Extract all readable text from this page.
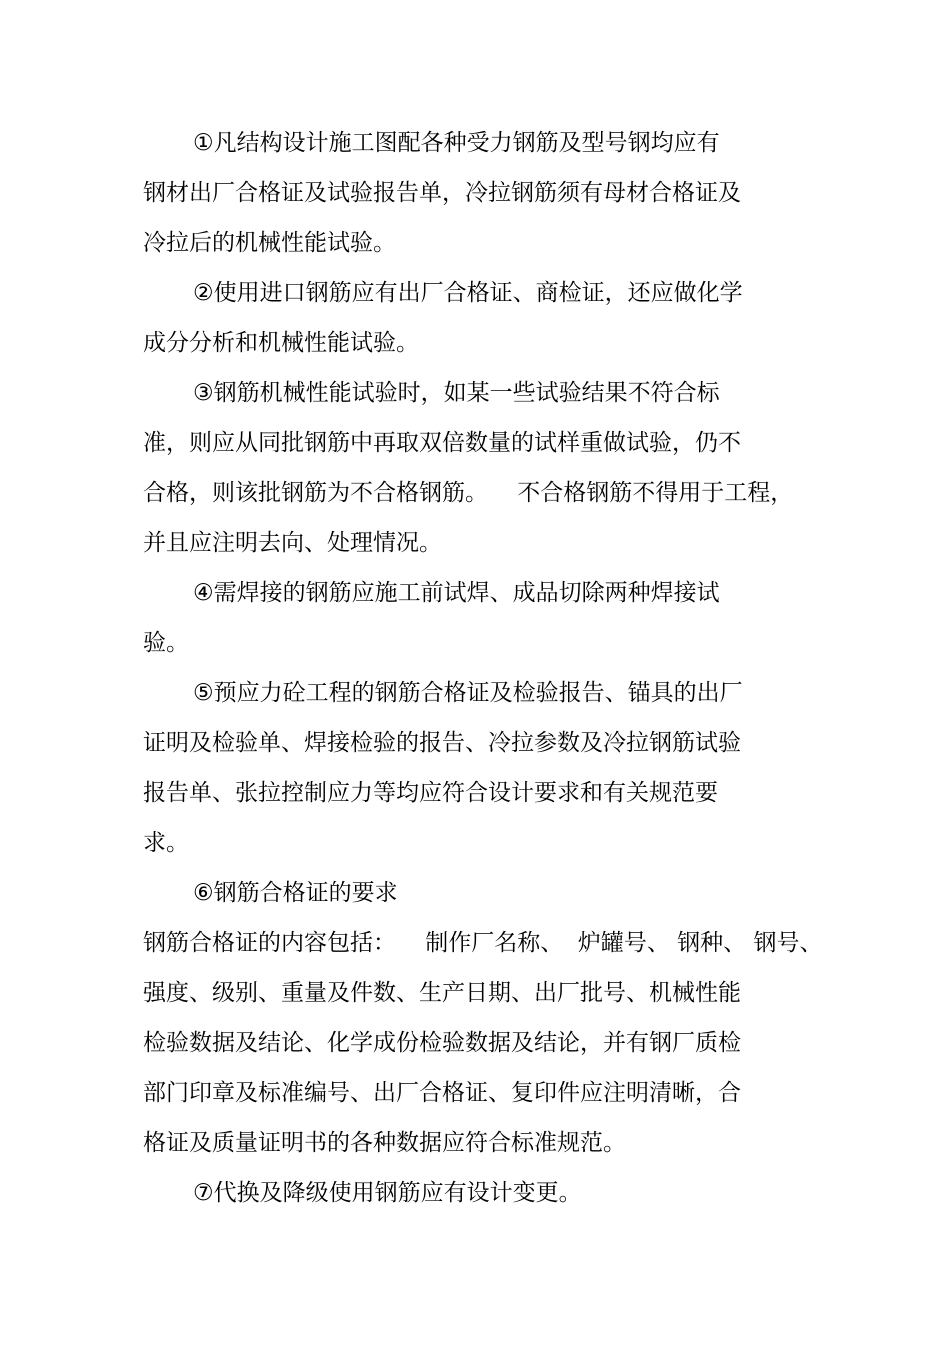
①凡结构设计施工图配各种受力钢筋及型号钢均应有
钢材出厂合格证及试验报告单，冷拉钢筋须有母材合格证及
冷拉后的机械性能试验。
②使用进口钢筋应有出厂合格证、商检证，还应做化学
成分分析和机械性能试验。
③钢筋机械性能试验时，如某一些试验结果不符合标
准，则应从同批钢筋中再取双倍数量的试样重做试验，仍不
合格，则该批钢筋为不合格钢筋。    不合格钢筋不得用于工程，
并且应注明去向、处理情况。
④需焊接的钢筋应施工前试焊、成品切除两种焊接试
验。
⑤预应力砼工程的钢筋合格证及检验报告、锚具的出厂
证明及检验单、焊接检验的报告、冷拉参数及冷拉钢筋试验
报告单、张拉控制应力等均应符合设计要求和有关规范要
求。
⑥钢筋合格证的要求
钢筋合格证的内容包括：    制作厂名称、  炉罐号、 钢种、 钢号、
强度、级别、重量及件数、生产日期、出厂批号、机械性能
检验数据及结论、化学成份检验数据及结论，并有钢厂质检
部门印章及标准编号、出厂合格证、复印件应注明清晰，合
格证及质量证明书的各种数据应符合标准规范。
⑦代换及降级使用钢筋应有设计变更。
